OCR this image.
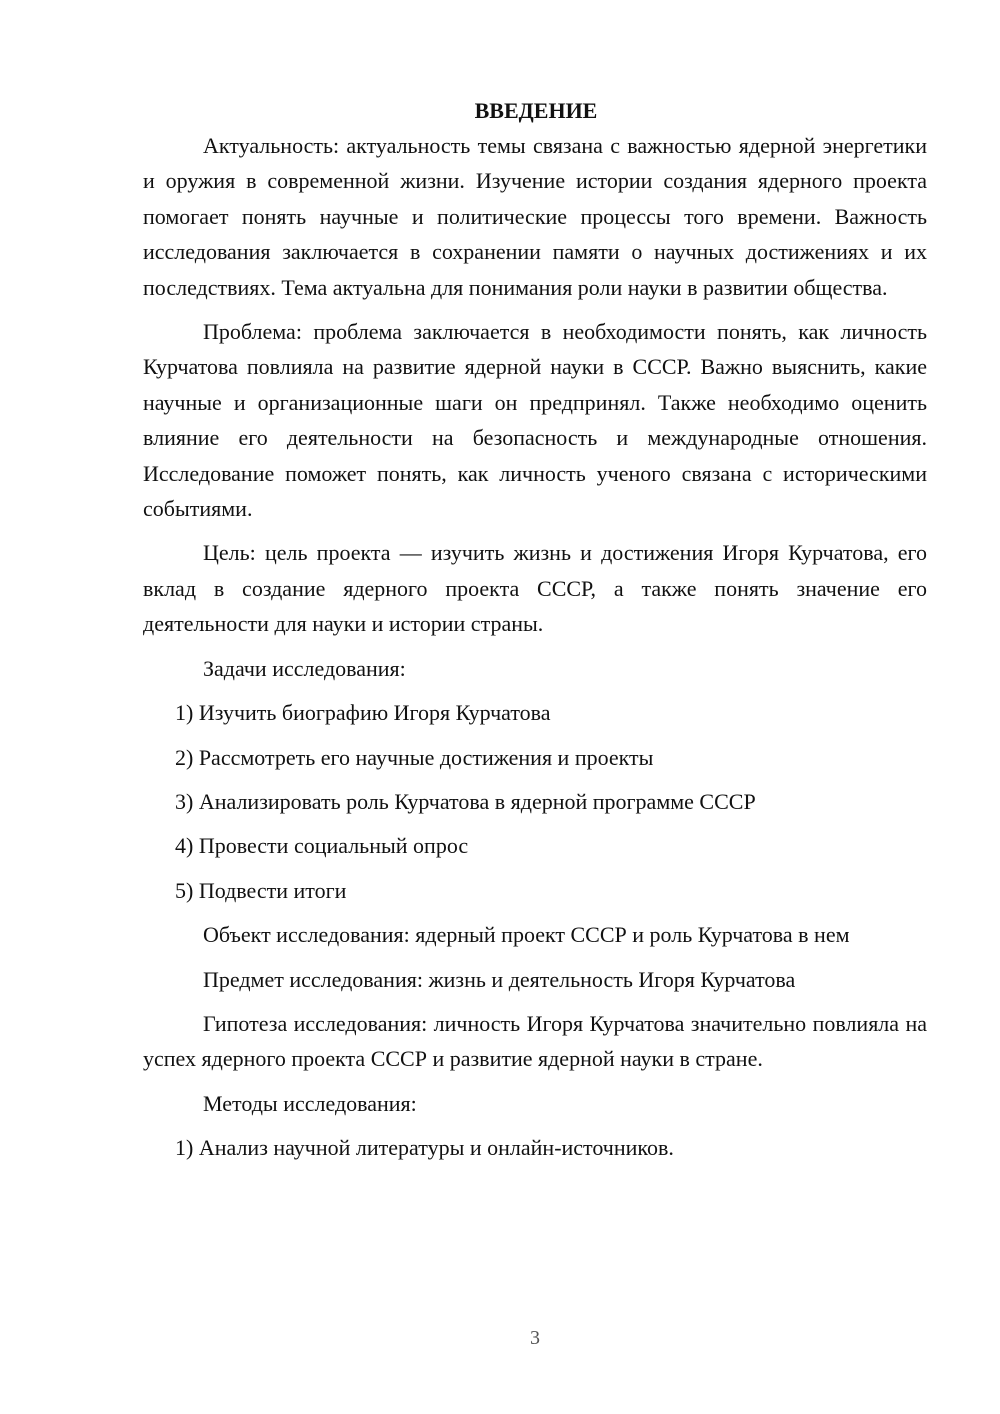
ВВЕДЕНИЕ

Актуальность: актуальность темы связана с важностью ядерной энергетики и оружия в современной жизни. Изучение истории создания ядерного проекта помогает понять научные и политические процессы того времени. Важность исследования заключается в сохранении памяти о научных достижениях и их последствиях. Тема актуальна для понимания роли науки в развитии общества.

Проблема: проблема заключается в необходимости понять, как личность Курчатова повлияла на развитие ядерной науки в СССР. Важно выяснить, какие научные и организационные шаги он предпринял. Также необходимо оценить влияние его деятельности на безопасность и международные отношения. Исследование поможет понять, как личность ученого связана с историческими событиями.

Цель: цель проекта — изучить жизнь и достижения Игоря Курчатова, его вклад в создание ядерного проекта СССР, а также понять значение его деятельности для науки и истории страны.

Задачи исследования:

1) Изучить биографию Игоря Курчатова
2) Рассмотреть его научные достижения и проекты
3) Анализировать роль Курчатова в ядерной программе СССР
4) Провести социальный опрос
5) Подвести итоги

Объект исследования: ядерный проект СССР и роль Курчатова в нем

Предмет исследования: жизнь и деятельность Игоря Курчатова

Гипотеза исследования: личность Игоря Курчатова значительно повлияла на успех ядерного проекта СССР и развитие ядерной науки в стране.

Методы исследования:

1) Анализ научной литературы и онлайн-источников.
3
